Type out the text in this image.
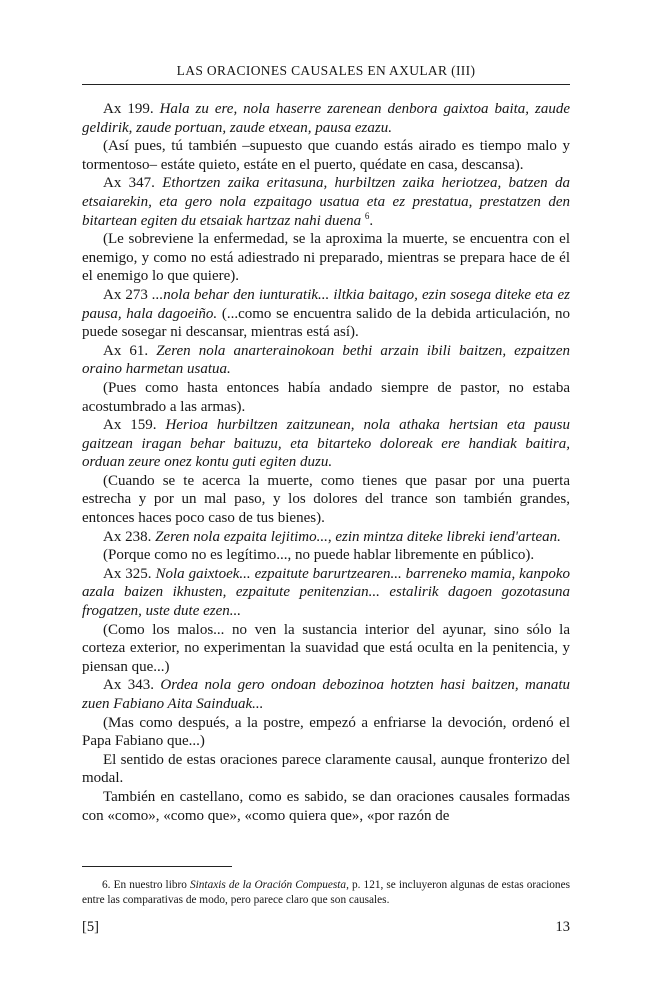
LAS ORACIONES CAUSALES EN AXULAR (III)

Ax 199. Hala zu ere, nola haserre zarenean denbora gaixtoa baita, zaude geldirik, zaude portuan, zaude etxean, pausa ezazu.

(Así pues, tú también –supuesto que cuando estás airado es tiempo malo y tormentoso– estáte quieto, estáte en el puerto, quédate en casa, descansa).

Ax 347. Ethortzen zaika eritasuna, hurbiltzen zaika heriotzea, batzen da etsaiarekin, eta gero nola ezpaitago usatua eta ez prestatua, prestatzen den bitartean egiten du etsaiak hartzaz nahi duena $^6$.

(Le sobreviene la enfermedad, se la aproxima la muerte, se encuentra con el enemigo, y como no está adiestrado ni preparado, mientras se prepara hace de él el enemigo lo que quiere).

Ax 273 ...nola behar den iunturatik... iltkia baitago, ezin sosega diteke eta ez pausa, hala dagoeiño. (...como se encuentra salido de la debida articulación, no puede sosegar ni descansar, mientras está así).

Ax 61. Zeren nola anarterainokoan bethi arzain ibili baitzen, ezpaitzen oraino harmetan usatua.

(Pues como hasta entonces había andado siempre de pastor, no estaba acostumbrado a las armas).

Ax 159. Herioa hurbiltzen zaitzunean, nola athaka hertsian eta pausu gaitzean iragan behar baituzu, eta bitarteko doloreak ere handiak baitira, orduan zeure onez kontu guti egiten duzu.

(Cuando se te acerca la muerte, como tienes que pasar por una puerta estrecha y por un mal paso, y los dolores del trance son también grandes, entonces haces poco caso de tus bienes).

Ax 238. Zeren nola ezpaita lejitimo..., ezin mintza diteke libreki iend'artean.

(Porque como no es legítimo..., no puede hablar libremente en público).

Ax 325. Nola gaixtoek... ezpaitute barurtzearen... barreneko mamia, kanpoko azala baizen ikhusten, ezpaitute penitenzian... estalirik dagoen gozotasuna frogatzen, uste dute ezen...

(Como los malos... no ven la sustancia interior del ayunar, sino sólo la corteza exterior, no experimentan la suavidad que está oculta en la penitencia, y piensan que...)

Ax 343. Ordea nola gero ondoan debozinoa hotzten hasi baitzen, manatu zuen Fabiano Aita Sainduak...

(Mas como después, a la postre, empezó a enfriarse la devoción, ordenó el Papa Fabiano que...)

El sentido de estas oraciones parece claramente causal, aunque fronterizo del modal.

También en castellano, como es sabido, se dan oraciones causales formadas con «como», «como que», «como quiera que», «por razón de

6. En nuestro libro Sintaxis de la Oración Compuesta, p. 121, se incluyeron algunas de estas oraciones entre las comparativas de modo, pero parece claro que son causales.
[5]	13
